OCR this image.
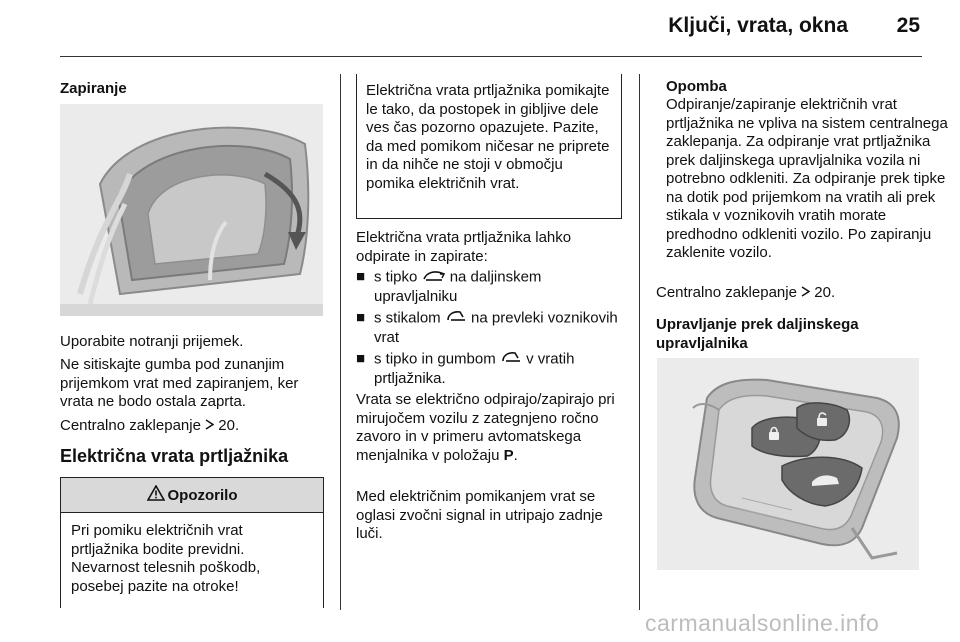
Ključi, vrata, okna 25
Zapiranje

Uporabite notranji prijemek.

Ne sitiskajte gumba pod zunanjim prijemkom vrat med zapiranjem, ker vrata ne bodo ostala zaprta.

Centralno zaklepanje 20.

Električna vrata prtljažnika
Opozorilo
Pri pomiku električnih vrat prtljažnika bodite previdni. Nevarnost telesnih poškodb, posebej pazite na otroke!
Električna vrata prtljažnika pomikajte le tako, da postopek in gibljive dele ves čas pozorno opazujete. Pazite, da med pomikom ničesar ne priprete in da nihče ne stoji v območju pomika električnih vrat.

Električna vrata prtljažnika lahko odpirate in zapirate:

■ s tipko na daljinskem upravljalniku
■ s stikalom na prevleki voznikovih vrat
■ s tipko in gumbom v vratih prtljažnika.

Vrata se električno odpirajo/zapirajo pri mirujočem vozilu z zategnjeno ročno zavoro in v primeru avtomatskega menjalnika v položaju P.

Med električnim pomikanjem vrat se oglasi zvočni signal in utripajo zadnje luči.

Opomba
Odpiranje/zapiranje električnih vrat prtljažnika ne vpliva na sistem centralnega zaklepanja. Za odpiranje vrat prtljažnika prek daljinskega upravljalnika vozila ni potrebno odkleniti. Za odpiranje prek tipke na dotik pod prijemkom na vratih ali prek stikala v voznikovih vratih morate predhodno odkleniti vozilo. Po zapiranju zaklenite vozilo.

Centralno zaklepanje 20.

Upravljanje prek daljinskega upravljalnika
carmanualsonline.info
